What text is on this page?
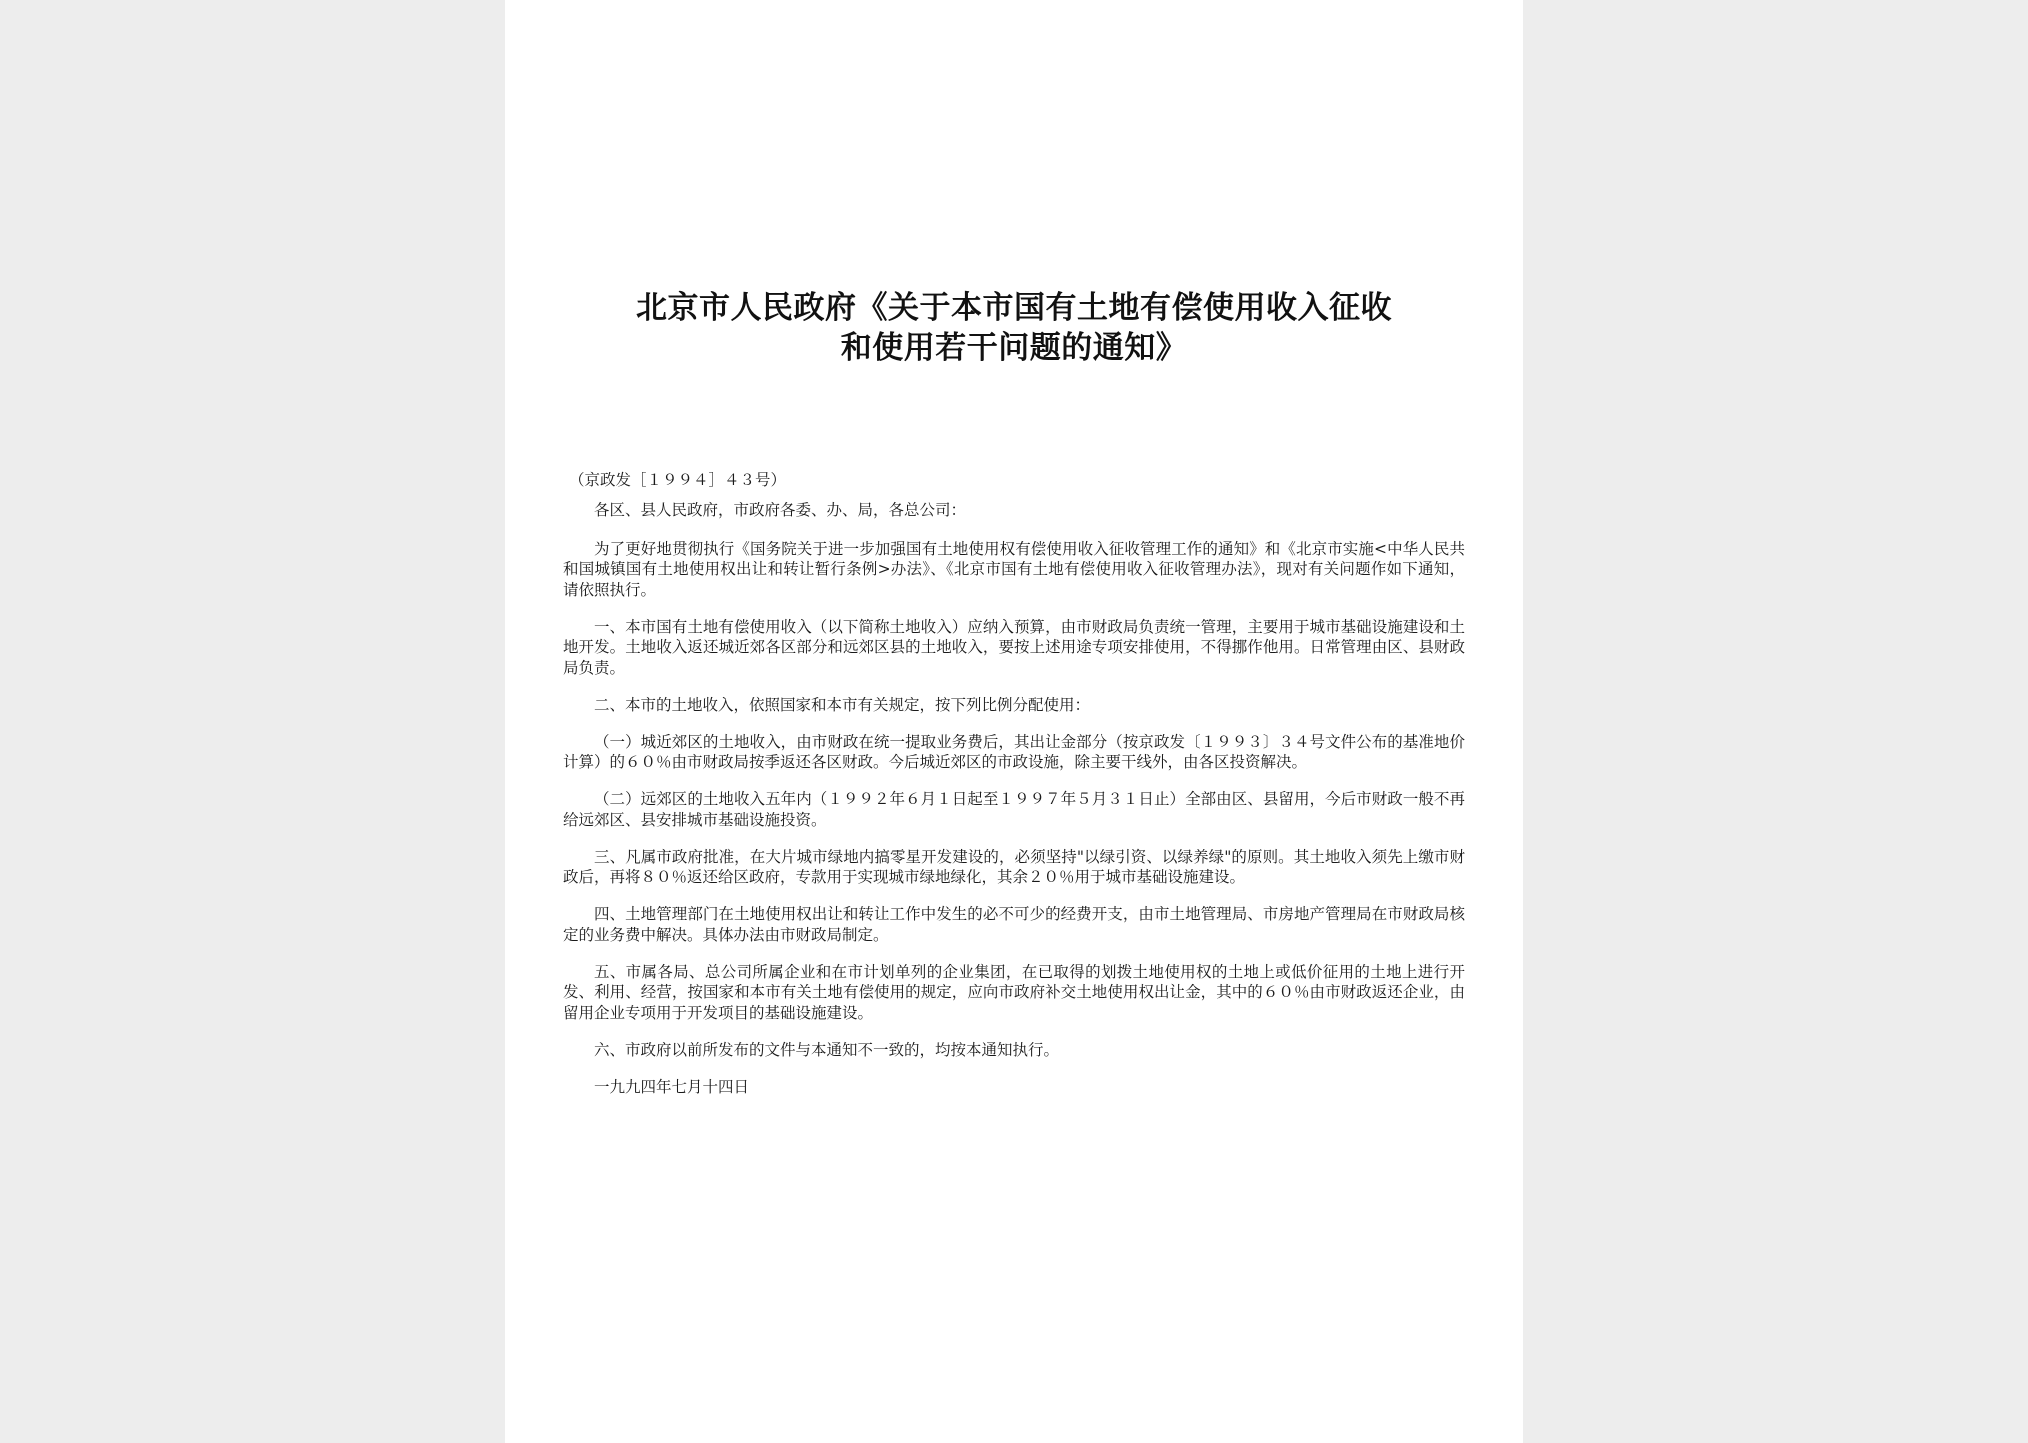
北京市人民政府《关于本市国有土地有偿使用收入征收
和使用若干问题的通知》
（京政发［１９９４］４３号）

各区、县人民政府，市政府各委、办、局，各总公司：

为了更好地贯彻执行《国务院关于进一步加强国有土地使用权有偿使用收入征收管理工作的通知》和《北京市实施<中华人民共和国城镇国有土地使用权出让和转让暂行条例>办法》、《北京市国有土地有偿使用收入征收管理办法》，现对有关问题作如下通知，请依照执行。

一、本市国有土地有偿使用收入（以下简称土地收入）应纳入预算，由市财政局负责统一管理，主要用于城市基础设施建设和土地开发。土地收入返还城近郊各区部分和远郊区县的土地收入，要按上述用途专项安排使用，不得挪作他用。日常管理由区、县财政局负责。

二、本市的土地收入，依照国家和本市有关规定，按下列比例分配使用：

（一）城近郊区的土地收入，由市财政在统一提取业务费后，其出让金部分（按京政发〔１９９３〕３４号文件公布的基准地价计算）的６０％由市财政局按季返还各区财政。今后城近郊区的市政设施，除主要干线外，由各区投资解决。

（二）远郊区的土地收入五年内（１９９２年６月１日起至１９９７年５月３１日止）全部由区、县留用，今后市财政一般不再给远郊区、县安排城市基础设施投资。

三、凡属市政府批准，在大片城市绿地内搞零星开发建设的，必须坚持"以绿引资、以绿养绿"的原则。其土地收入须先上缴市财政后，再将８０％返还给区政府，专款用于实现城市绿地绿化，其余２０％用于城市基础设施建设。

四、土地管理部门在土地使用权出让和转让工作中发生的必不可少的经费开支，由市土地管理局、市房地产管理局在市财政局核定的业务费中解决。具体办法由市财政局制定。

五、市属各局、总公司所属企业和在市计划单列的企业集团，在已取得的划拨土地使用权的土地上或低价征用的土地上进行开发、利用、经营，按国家和本市有关土地有偿使用的规定，应向市政府补交土地使用权出让金，其中的６０％由市财政返还企业，由留用企业专项用于开发项目的基础设施建设。

六、市政府以前所发布的文件与本通知不一致的，均按本通知执行。

一九九四年七月十四日
